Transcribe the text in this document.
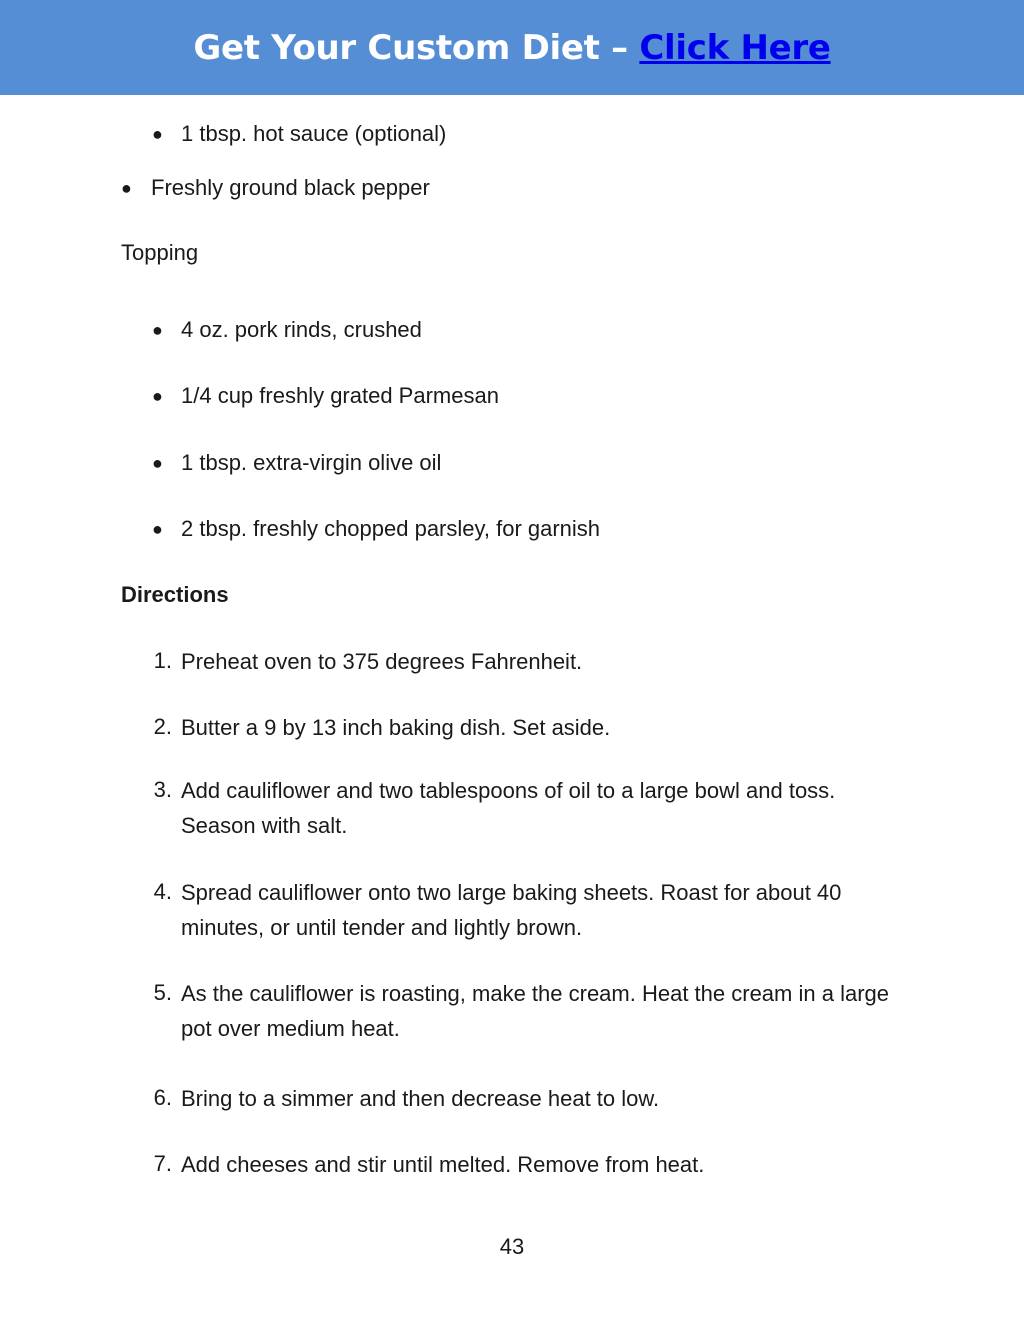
Get Your Custom Diet – Click Here
● 1 tbsp. hot sauce (optional)
● Freshly ground black pepper
Topping
● 4 oz. pork rinds, crushed
● 1/4 cup freshly grated Parmesan
● 1 tbsp. extra-virgin olive oil
● 2 tbsp. freshly chopped parsley, for garnish
Directions
1. Preheat oven to 375 degrees Fahrenheit.
2. Butter a 9 by 13 inch baking dish. Set aside.
3. Add cauliflower and two tablespoons of oil to a large bowl and toss. Season with salt.
4. Spread cauliflower onto two large baking sheets. Roast for about 40 minutes, or until tender and lightly brown.
5. As the cauliflower is roasting, make the cream. Heat the cream in a large pot over medium heat.
6. Bring to a simmer and then decrease heat to low.
7. Add cheeses and stir until melted. Remove from heat.
43
